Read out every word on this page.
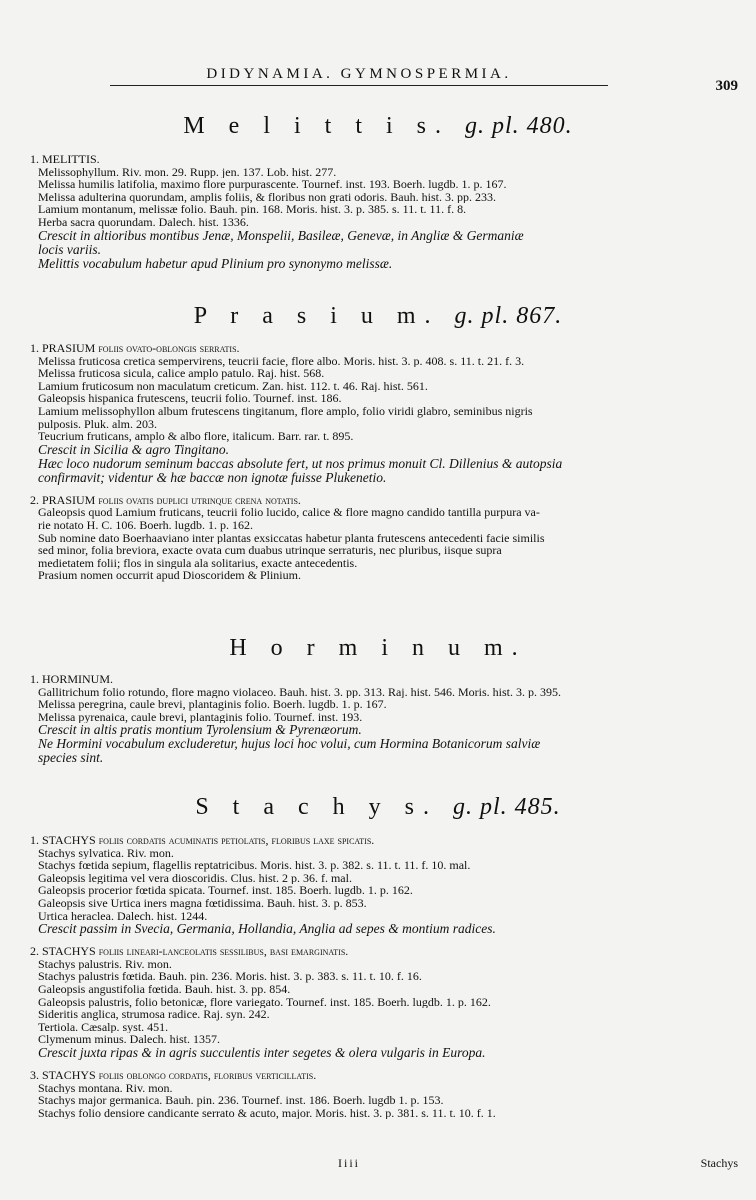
DIDYNAMIA. GYMNOSPERMIA.
309
M e l i t t i s. g. pl. 480.
1. MELITTIS.
Melissophyllum. Riv. mon. 29. Rupp. jen. 137. Lob. hist. 277.
Melissa humilis latifolia, maximo flore purpurascente. Tournef. inst. 193. Boerh. lugdb. 1. p. 167.
Melissa adulterina quorundam, amplis foliis, & floribus non grati odoris. Bauh. hist. 3. pp. 233.
Lamium montanum, melissæ folio. Bauh. pin. 168. Moris. hist. 3. p. 385. s. 11. t. 11. f. 8.
Herba sacra quorundam. Dalech. hist. 1336.
Crescit in altioribus montibus Jenæ, Monspelii, Basileæ, Genevæ, in Angliæ & Germaniæ
locis variis.
Melittis vocabulum habetur apud Plinium pro synonymo melissæ.
P r a s i u m. g. pl. 867.
1. PRASIUM foliis ovato-oblongis serratis.
Melissa fruticosa cretica sempervirens, teucrii facie, flore albo. Moris. hist. 3. p. 408. s. 11. t. 21. f. 3.
Melissa fruticosa sicula, calice amplo patulo. Raj. hist. 568.
Lamium fruticosum non maculatum creticum. Zan. hist. 112. t. 46. Raj. hist. 561.
Galeopsis hispanica frutescens, teucrii folio. Tournef. inst. 186.
Lamium melissophyllon album frutescens tingitanum, flore amplo, folio viridi glabro, seminibus nigris
pulposis. Pluk. alm. 203.
Teucrium fruticans, amplo & albo flore, italicum. Barr. rar. t. 895.
Crescit in Sicilia & agro Tingitano.
Hæc loco nudorum seminum baccas absolute fert, ut nos primus monuit Cl. Dillenius & autopsia
confirmavit; videntur & hæ baccæ non ignotæ fuisse Plukenetio.
2. PRASIUM foliis ovatis duplici utrinque crena notatis.
Galeopsis quod Lamium fruticans, teucrii folio lucido, calice & flore magno candido tantilla purpura va-
rie notato H. C. 106. Boerh. lugdb. 1. p. 162.
Sub nomine dato Boerhaaviano inter plantas exsiccatas habetur planta frutescens antecedenti facie similis
sed minor, folia breviora, exacte ovata cum duabus utrinque serraturis, nec pluribus, iisque supra
medietatem folii; flos in singula ala solitarius, exacte antecedentis.
Prasium nomen occurrit apud Dioscoridem & Plinium.
H o r m i n u m.
1. HORMINUM.
Gallitrichum folio rotundo, flore magno violaceo. Bauh. hist. 3. pp. 313. Raj. hist. 546. Moris. hist. 3. p. 395.
Melissa peregrina, caule brevi, plantaginis folio. Boerh. lugdb. 1. p. 167.
Melissa pyrenaica, caule brevi, plantaginis folio. Tournef. inst. 193.
Crescit in altis pratis montium Tyrolensium & Pyrenæorum.
Ne Hormini vocabulum excluderetur, hujus loci hoc volui, cum Hormina Botanicorum salviæ
species sint.
S t a c h y s. g. pl. 485.
1. STACHYS foliis cordatis acuminatis petiolatis, floribus laxe spicatis.
Stachys sylvatica. Riv. mon.
Stachys fœtida sepium, flagellis reptatricibus. Moris. hist. 3. p. 382. s. 11. t. 11. f. 10. mal.
Galeopsis legitima vel vera dioscoridis. Clus. hist. 2 p. 36. f. mal.
Galeopsis procerior fœtida spicata. Tournef. inst. 185. Boerh. lugdb. 1. p. 162.
Galeopsis sive Urtica iners magna fœtidissima. Bauh. hist. 3. p. 853.
Urtica heraclea. Dalech. hist. 1244.
Crescit passim in Svecia, Germania, Hollandia, Anglia ad sepes & montium radices.
2. STACHYS foliis lineari-lanceolatis sessilibus, basi emarginatis.
Stachys palustris. Riv. mon.
Stachys palustris fœtida. Bauh. pin. 236. Moris. hist. 3. p. 383. s. 11. t. 10. f. 16.
Galeopsis angustifolia fœtida. Bauh. hist. 3. pp. 854.
Galeopsis palustris, folio betonicæ, flore variegato. Tournef. inst. 185. Boerh. lugdb. 1. p. 162.
Sideritis anglica, strumosa radice. Raj. syn. 242.
Tertiola. Cæsalp. syst. 451.
Clymenum minus. Dalech. hist. 1357.
Crescit juxta ripas & in agris succulentis inter segetes & olera vulgaris in Europa.
3. STACHYS foliis oblongo cordatis, floribus verticillatis.
Stachys montana. Riv. mon.
Stachys major germanica. Bauh. pin. 236. Tournef. inst. 186. Boerh. lugdb 1. p. 153.
Stachys folio densiore candicante serrato & acuto, major. Moris. hist. 3. p. 381. s. 11. t. 10. f. 1.
Iiii	Stachys
